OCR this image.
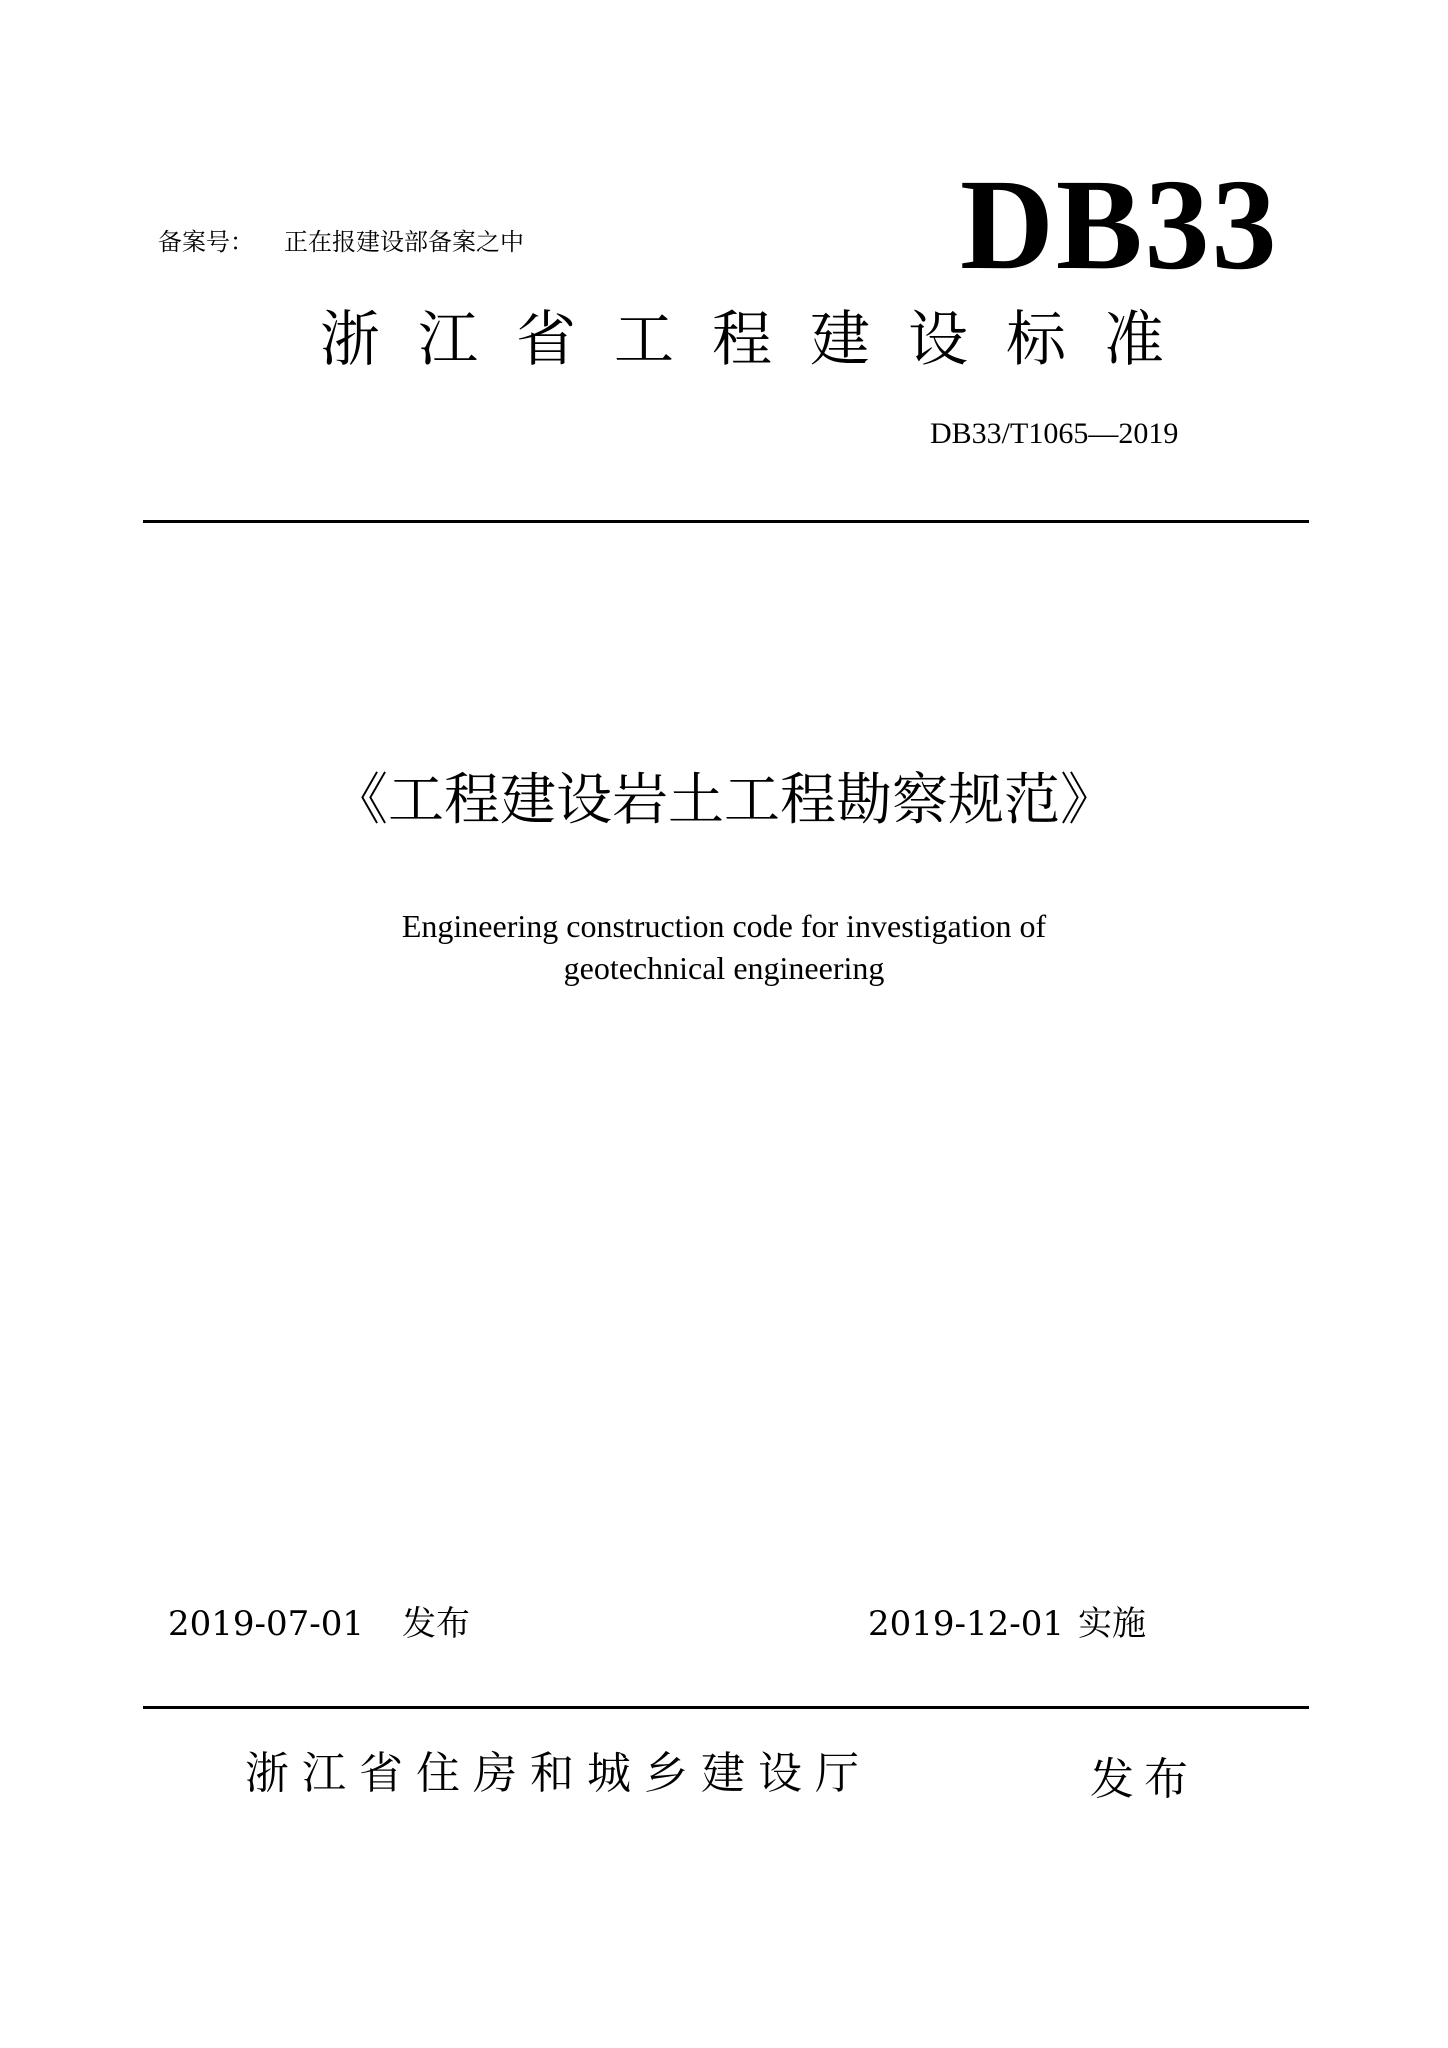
备案号： 正在报建设部备案之中	DB33
浙江省工程建设标准
DB33/T1065—2019
《工程建设岩土工程勘察规范》
Engineering construction code for investigation of
geotechnical engineering
2019-07-01 发布	2019-12-01 实施
浙江省住房和城乡建设厅	发布
